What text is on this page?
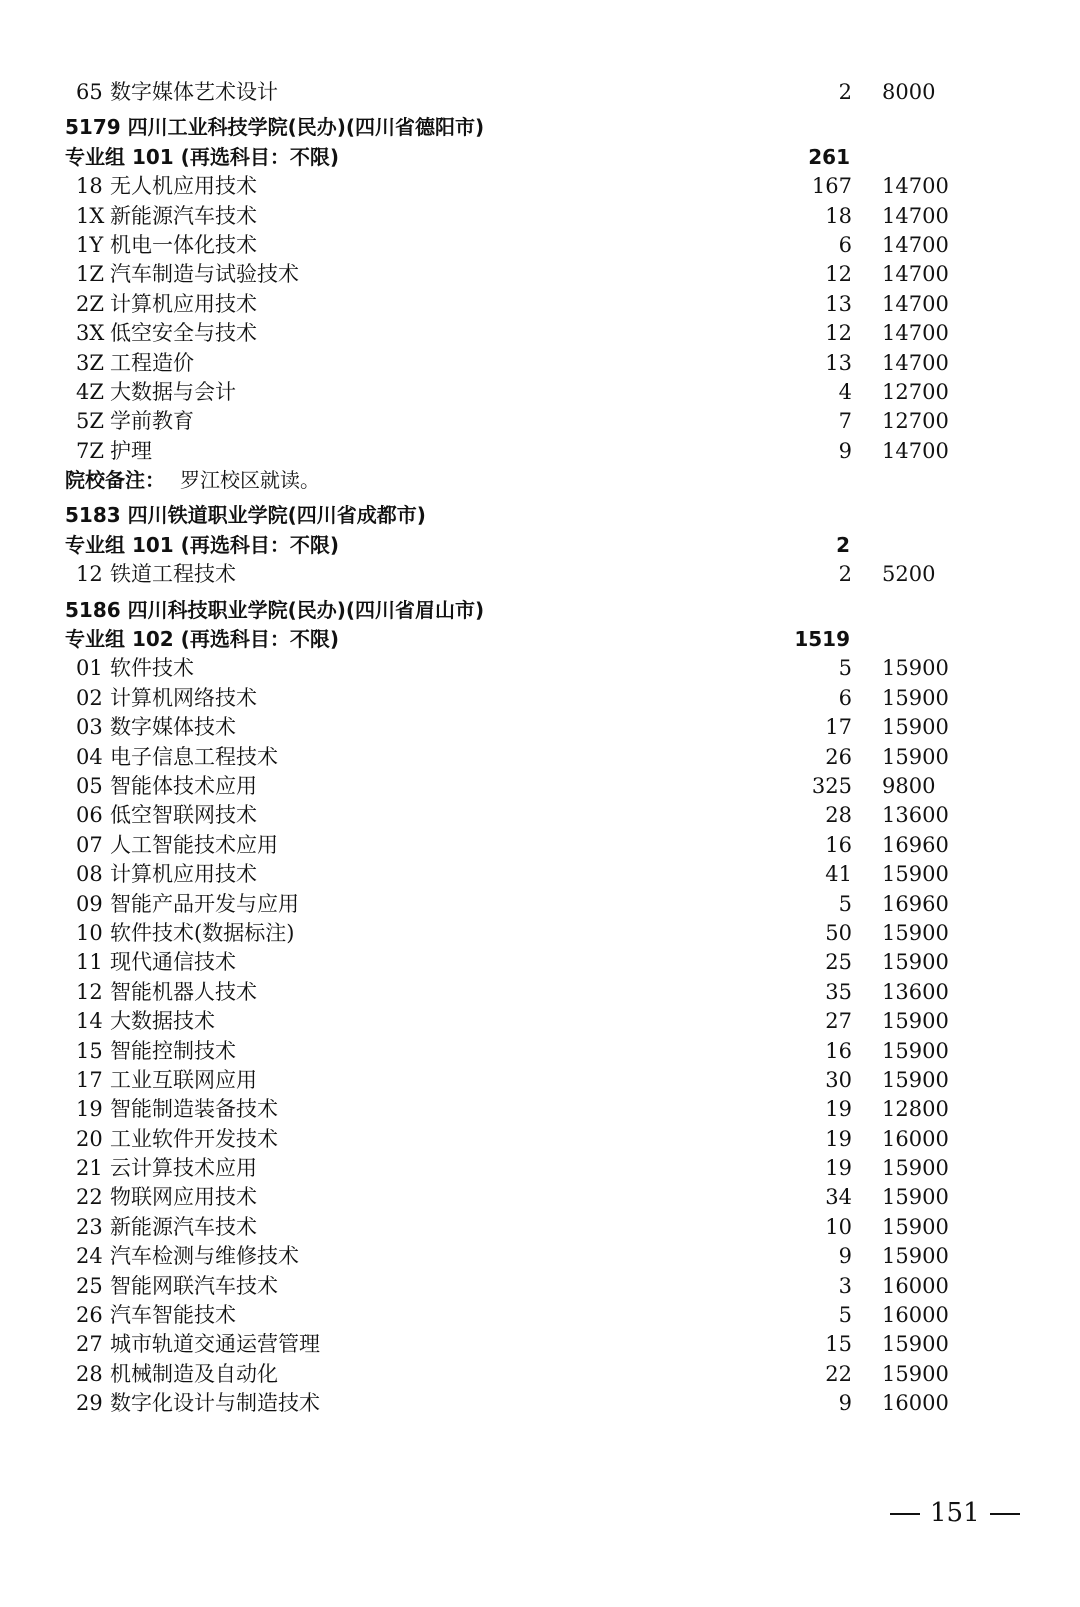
65 数字媒体艺术设计	2 8000
5179 四川工业科技学院(民办)(四川省德阳市)
专业组 101 (再选科目：不限)	261
18 无人机应用技术	167 14700
1X 新能源汽车技术	18 14700
1Y 机电一体化技术	6 14700
1Z 汽车制造与试验技术	12 14700
2Z 计算机应用技术	13 14700
3X 低空安全与技术	12 14700
3Z 工程造价	13 14700
4Z 大数据与会计	4 12700
5Z 学前教育	7 12700
7Z 护理	9 14700
院校备注： 罗江校区就读。
5183 四川铁道职业学院(四川省成都市)
专业组 101 (再选科目：不限)	2
12 铁道工程技术	2 5200
5186 四川科技职业学院(民办)(四川省眉山市)
专业组 102 (再选科目：不限)	1519
01 软件技术	5 15900
02 计算机网络技术	6 15900
03 数字媒体技术	17 15900
04 电子信息工程技术	26 15900
05 智能体技术应用	325 9800
06 低空智联网技术	28 13600
07 人工智能技术应用	16 16960
08 计算机应用技术	41 15900
09 智能产品开发与应用	5 16960
10 软件技术(数据标注)	50 15900
11 现代通信技术	25 15900
12 智能机器人技术	35 13600
14 大数据技术	27 15900
15 智能控制技术	16 15900
17 工业互联网应用	30 15900
19 智能制造装备技术	19 12800
20 工业软件开发技术	19 16000
21 云计算技术应用	19 15900
22 物联网应用技术	34 15900
23 新能源汽车技术	10 15900
24 汽车检测与维修技术	9 15900
25 智能网联汽车技术	3 16000
26 汽车智能技术	5 16000
27 城市轨道交通运营管理	15 15900
28 机械制造及自动化	22 15900
29 数字化设计与制造技术	9 16000
151
